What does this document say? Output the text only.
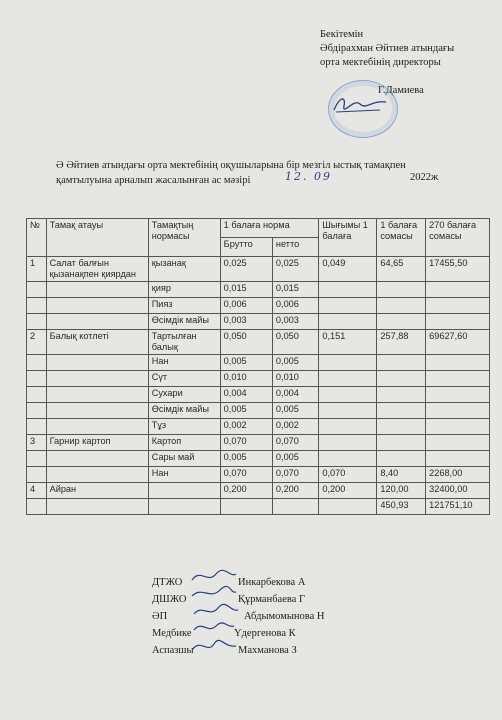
Бекітемін
Әбдірахман Әйтиев атындағы
орта мектебінің директоры
Г.Дамиева
Ә Әйтиев атындағы орта мектебінің оқушыларына бір мезгіл ыстық тамақпен
қамтылуына арналып жасалынған ас мәзірі	12. 09	2022ж
№	Тамақ атауы	Тамақтың нормасы	1 балаға норма		Шығымы 1 балаға	1 балаға сомасы	270 балаға сомасы
			Брутто	нетто			
1	Салат балғын қызанақпен қиярдан	қызанақ	0,025	0,025	0,049	64,65	17455,50
		қияр	0,015	0,015			
		Пияз	0,006	0,006			
		Өсімдік майы	0,003	0,003			
2	Балық котлеті	Тартылған балық	0,050	0,050	0,151	257,88	69627,60
		Нан	0,005	0,005			
		Сүт	0,010	0,010			
		Сухари	0,004	0,004			
		Өсімдік майы	0,005	0,005			
		Тұз	0,002	0,002			
3	Гарнир картоп	Картоп	0,070	0,070			
		Сары май	0,005	0,005			
		Нан	0,070	0,070	0,070	8,40	2268,00
4	Айран		0,200	0,200	0,200	120,00	32400,00
						450,93	121751,10
ДТЖО	Инкарбекова А
ДШЖО	Құрманбаева Г
ӘП	Абдымомынова Н
Медбике	Үдергенова К
Аспазшы	Махманова З
